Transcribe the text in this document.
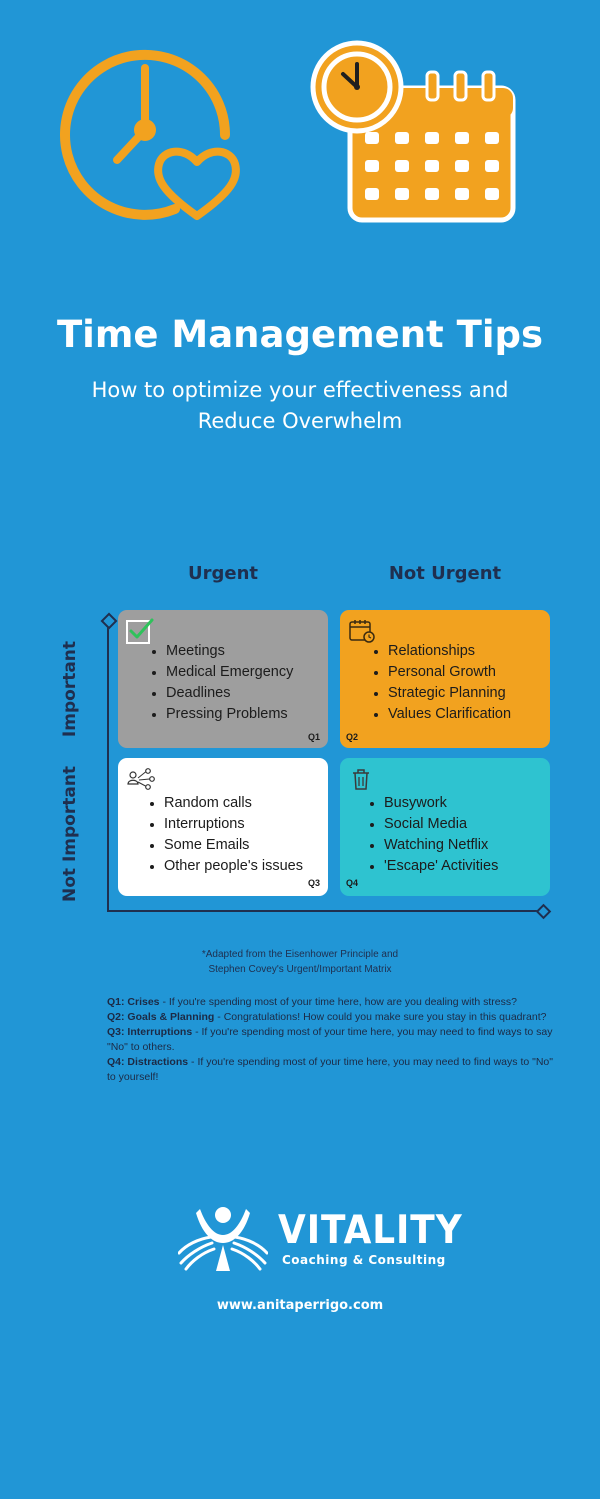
Time Management Tips
How to optimize your effectiveness and Reduce Overwhelm
Urgent	Not Urgent
Important
Not Important
Meetings
Medical Emergency
Deadlines
Pressing Problems
Q1
Relationships
Personal Growth
Strategic Planning
Values Clarification
Q2
Random calls
Interruptions
Some Emails
Other people's issues
Q3
Busywork
Social Media
Watching Netflix
'Escape' Activities
Q4
*Adapted from the Eisenhower Principle and
Stephen Covey's Urgent/Important Matrix

Q1: Crises - If you're spending most of your time here, how are you dealing with stress?

Q2: Goals & Planning - Congratulations! How could you make sure you stay in this quadrant?

Q3: Interruptions - If you're spending most of your time here, you may need to find ways to say "No" to others.

Q4: Distractions - If you're spending most of your time here, you may need to find ways to "No" to yourself!

VITALITY
Coaching & Consulting
www.anitaperrigo.com
